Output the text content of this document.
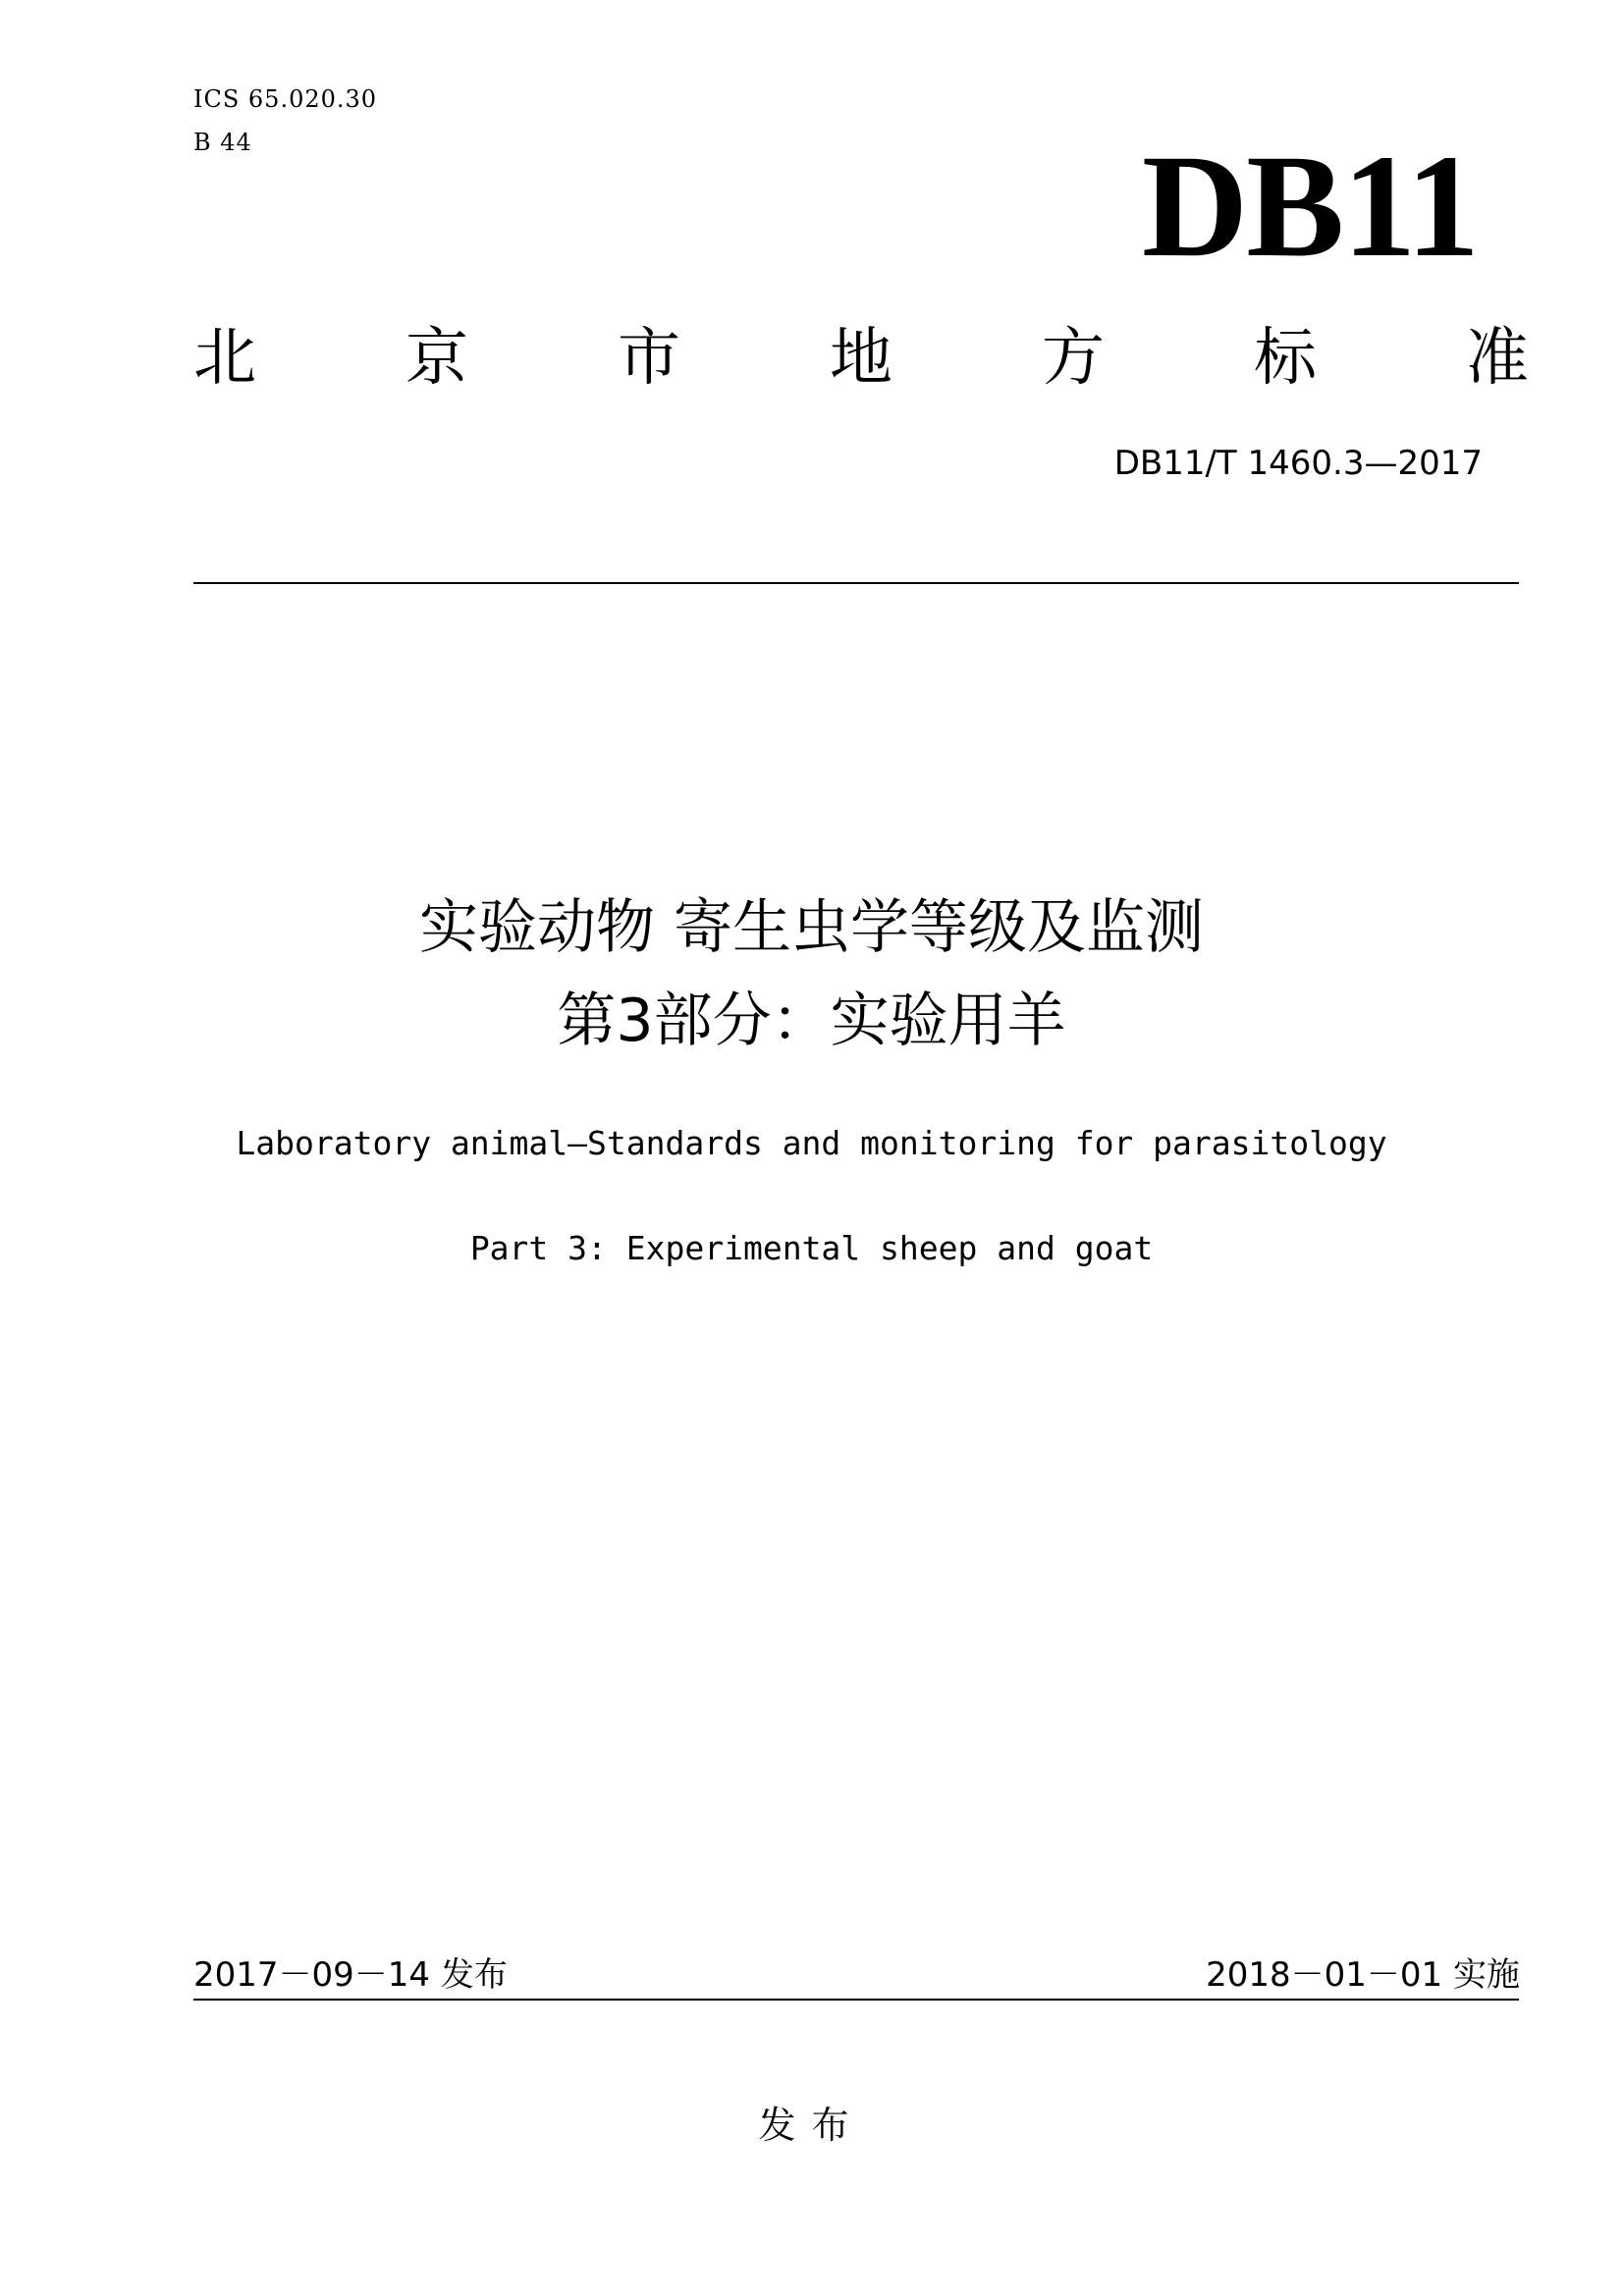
ICS 65.020.30
B 44	DB11
北 京 市 地 方 标 准
DB11/T 1460.3—2017
实验动物 寄生虫学等级及监测
第3部分：实验用羊
Laboratory animal—Standards and monitoring for parasitology
Part 3: Experimental sheep and goat
2017－09－14 发布	2018－01－01 实施
发布
